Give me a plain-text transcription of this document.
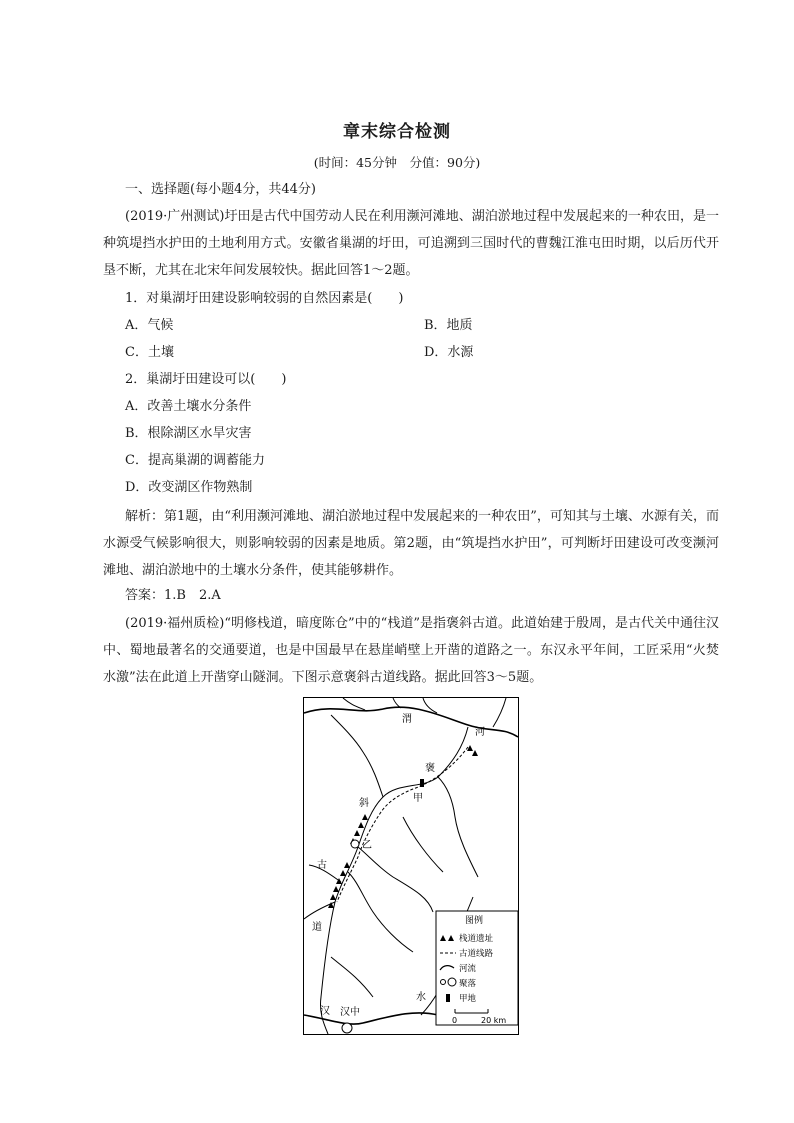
章末综合检测
(时间：45分钟　分值：90分)
一、选择题(每小题4分，共44分)

(2019·广州测试)圩田是古代中国劳动人民在利用濒河滩地、湖泊淤地过程中发展起来的一种农田，是一种筑堤挡水护田的土地利用方式。安徽省巢湖的圩田，可追溯到三国时代的曹魏江淮屯田时期，以后历代开垦不断，尤其在北宋年间发展较快。据此回答1～2题。

1．对巢湖圩田建设影响较弱的自然因素是(　　)
A．气候	B．地质
C．土壤	D．水源
2．巢湖圩田建设可以(　　)
A．改善土壤水分条件
B．根除湖区水旱灾害
C．提高巢湖的调蓄能力
D．改变湖区作物熟制

解析：第1题，由“利用濒河滩地、湖泊淤地过程中发展起来的一种农田”，可知其与土壤、水源有关，而水源受气候影响很大，则影响较弱的因素是地质。第2题，由“筑堤挡水护田”，可判断圩田建设可改变濒河滩地、湖泊淤地中的土壤水分条件，使其能够耕作。

答案：1.B　2.A

(2019·福州质检)“明修栈道，暗度陈仓”中的“栈道”是指褒斜古道。此道始建于殷周，是古代关中通往汉中、蜀地最著名的交通要道，也是中国最早在悬崖峭壁上开凿的道路之一。东汉永平年间，工匠采用“火焚水激”法在此道上开凿穿山隧洞。下图示意褒斜古道线路。据此回答3～5题。

渭
河
褒
甲
斜
乙
古
道
水
汉 汉中
图例
栈道遗址
古道线路
河流
聚落
甲地
0	20 km
